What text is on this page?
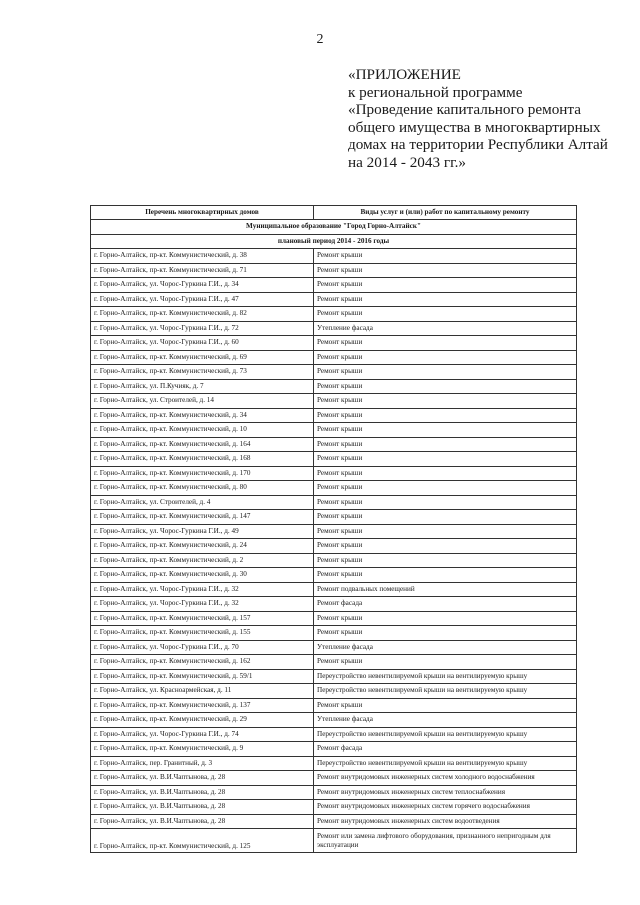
2
«ПРИЛОЖЕНИЕ
к региональной программе
«Проведение капитального ремонта
общего имущества в многоквартирных
домах на территории Республики Алтай
на 2014 - 2043 гг.»
Перечень многоквартирных домов	Виды услуг и (или) работ по капитальному ремонту
Муниципальное образование "Город Горно-Алтайск"	
плановый период 2014 - 2016 годы	
г. Горно-Алтайск, пр-кт. Коммунистический, д. 38	Ремонт крыши
г. Горно-Алтайск, пр-кт. Коммунистический, д. 71	Ремонт крыши
г. Горно-Алтайск, ул. Чорос-Гуркина Г.И., д. 34	Ремонт крыши
г. Горно-Алтайск, ул. Чорос-Гуркина Г.И., д. 47	Ремонт крыши
г. Горно-Алтайск, пр-кт. Коммунистический, д. 82	Ремонт крыши
г. Горно-Алтайск, ул. Чорос-Гуркина Г.И., д. 72	Утепление фасада
г. Горно-Алтайск, ул. Чорос-Гуркина Г.И., д. 60	Ремонт крыши
г. Горно-Алтайск, пр-кт. Коммунистический, д. 69	Ремонт крыши
г. Горно-Алтайск, пр-кт. Коммунистический, д. 73	Ремонт крыши
г. Горно-Алтайск, ул. П.Кучияк, д. 7	Ремонт крыши
г. Горно-Алтайск, ул. Строителей, д. 14	Ремонт крыши
г. Горно-Алтайск, пр-кт. Коммунистический, д. 34	Ремонт крыши
г. Горно-Алтайск, пр-кт. Коммунистический, д. 10	Ремонт крыши
г. Горно-Алтайск, пр-кт. Коммунистический, д. 164	Ремонт крыши
г. Горно-Алтайск, пр-кт. Коммунистический, д. 168	Ремонт крыши
г. Горно-Алтайск, пр-кт. Коммунистический, д. 170	Ремонт крыши
г. Горно-Алтайск, пр-кт. Коммунистический, д. 80	Ремонт крыши
г. Горно-Алтайск, ул. Строителей, д. 4	Ремонт крыши
г. Горно-Алтайск, пр-кт. Коммунистический, д. 147	Ремонт крыши
г. Горно-Алтайск, ул. Чорос-Гуркина Г.И., д. 49	Ремонт крыши
г. Горно-Алтайск, пр-кт. Коммунистический, д. 24	Ремонт крыши
г. Горно-Алтайск, пр-кт. Коммунистический, д. 2	Ремонт крыши
г. Горно-Алтайск, пр-кт. Коммунистический, д. 30	Ремонт крыши
г. Горно-Алтайск, ул. Чорос-Гуркина Г.И., д. 32	Ремонт подвальных помещений
г. Горно-Алтайск, ул. Чорос-Гуркина Г.И., д. 32	Ремонт фасада
г. Горно-Алтайск, пр-кт. Коммунистический, д. 157	Ремонт крыши
г. Горно-Алтайск, пр-кт. Коммунистический, д. 155	Ремонт крыши
г. Горно-Алтайск, ул. Чорос-Гуркина Г.И., д. 70	Утепление фасада
г. Горно-Алтайск, пр-кт. Коммунистический, д. 162	Ремонт крыши
г. Горно-Алтайск, пр-кт. Коммунистический, д. 59/1	Переустройство невентилируемой крыши на вентилируемую крышу
г. Горно-Алтайск, ул. Красноармейская, д. 11	Переустройство невентилируемой крыши на вентилируемую крышу
г. Горно-Алтайск, пр-кт. Коммунистический, д. 137	Ремонт крыши
г. Горно-Алтайск, пр-кт. Коммунистический, д. 29	Утепление фасада
г. Горно-Алтайск, ул. Чорос-Гуркина Г.И., д. 74	Переустройство невентилируемой крыши на вентилируемую крышу
г. Горно-Алтайск, пр-кт. Коммунистический, д. 9	Ремонт фасада
г. Горно-Алтайск, пер. Гранитный, д. 3	Переустройство невентилируемой крыши на вентилируемую крышу
г. Горно-Алтайск, ул. В.И.Чаптынова, д. 28	Ремонт внутридомовых инженерных систем холодного водоснабжения
г. Горно-Алтайск, ул. В.И.Чаптынова, д. 28	Ремонт внутридомовых инженерных систем теплоснабжения
г. Горно-Алтайск, ул. В.И.Чаптынова, д. 28	Ремонт внутридомовых инженерных систем горячего водоснабжения
г. Горно-Алтайск, ул. В.И.Чаптынова, д. 28	Ремонт внутридомовых инженерных систем водоотведения
г. Горно-Алтайск, пр-кт. Коммунистический, д. 125	Ремонт или замена лифтового оборудования, признанного непригодным для эксплуатации
